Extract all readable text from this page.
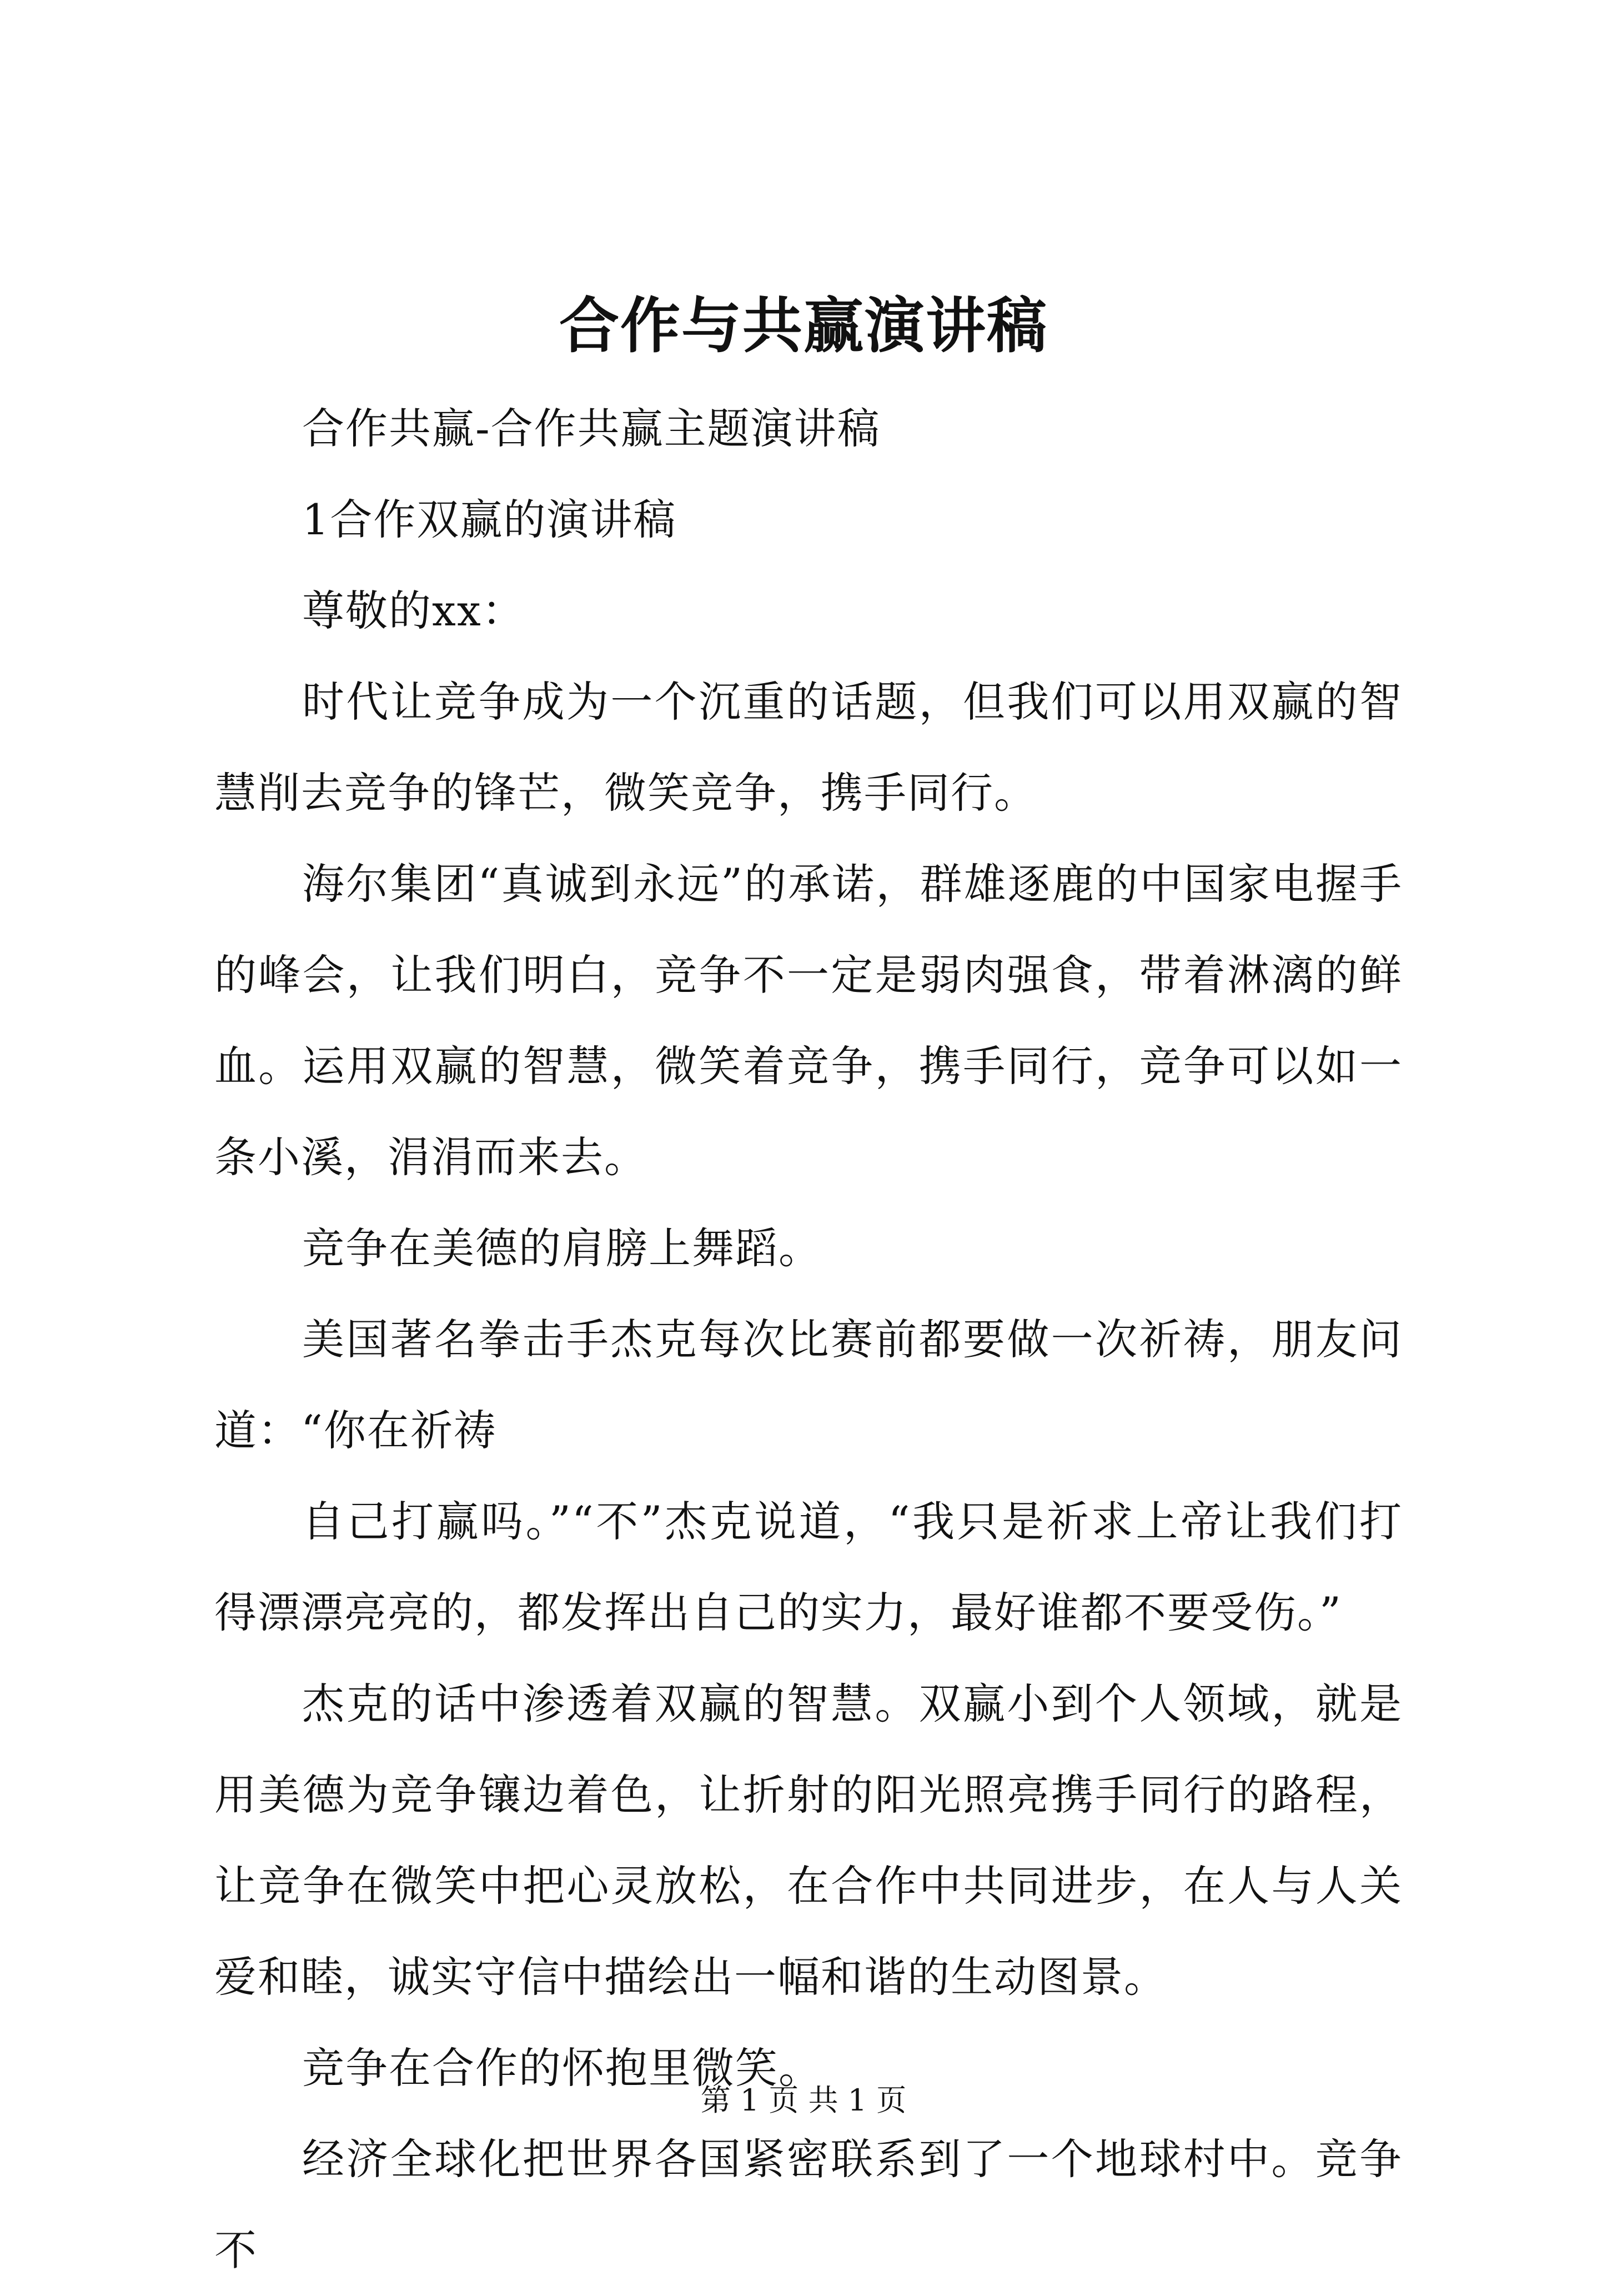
合作与共赢演讲稿

合作共赢-合作共赢主题演讲稿

1合作双赢的演讲稿

尊敬的xx：

时代让竞争成为一个沉重的话题，但我们可以用双赢的智慧削去竞争的锋芒，微笑竞争，携手同行。

海尔集团“真诚到永远”的承诺，群雄逐鹿的中国家电握手的峰会，让我们明白，竞争不一定是弱肉强食，带着淋漓的鲜血。运用双赢的智慧，微笑着竞争，携手同行，竞争可以如一条小溪，涓涓而来去。

竞争在美德的肩膀上舞蹈。

美国著名拳击手杰克每次比赛前都要做一次祈祷，朋友问道：“你在祈祷

自己打赢吗。”“不”杰克说道，“我只是祈求上帝让我们打得漂漂亮亮的，都发挥出自己的实力，最好谁都不要受伤。”

杰克的话中渗透着双赢的智慧。双赢小到个人领域，就是用美德为竞争镶边着色，让折射的阳光照亮携手同行的路程，让竞争在微笑中把心灵放松，在合作中共同进步，在人与人关爱和睦，诚实守信中描绘出一幅和谐的生动图景。

竞争在合作的怀抱里微笑。

经济全球化把世界各国紧密联系到了一个地球村中。竞争不

第 1 页 共 1 页
